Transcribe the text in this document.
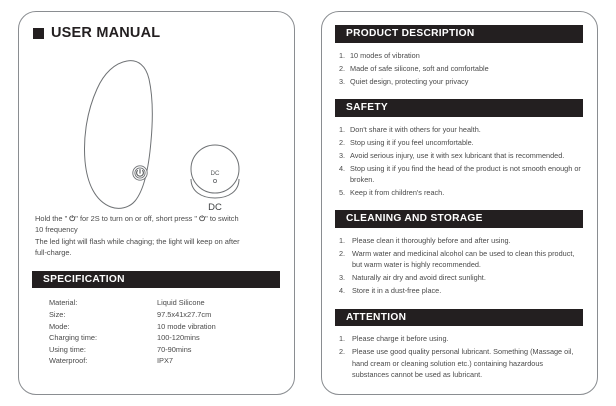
USER MANUAL
DC
DC

Hold the " ⏻" for 2S to turn on or off, short press " ⏻" to switch

10 frequency

The led light will flash while chaging; the light will keep on after

full-charge.

SPECIFICATION
Material:	Liquid Silicone
Size:	97.5x41x27.7cm
Mode:	10 mode vibration
Charging time:	100-120mins
Using time:	70-90mins
Waterproof:	IPX7
PRODUCT DESCRIPTION
1. 10 modes of vibration
2. Made of safe silicone, soft and comfortable
3. Quiet design, protecting your privacy
SAFETY
1. Don't share it with others for your health.
2. Stop using it if you feel uncomfortable.
3. Avoid serious injury, use it with sex lubricant that is recommended.
4. Stop using it if you find the head of the product is not smooth enough or broken.
5. Keep it from children's reach.
CLEANING AND STORAGE
1. Please clean it thoroughly before and after using.
2. Warm water and medicinal alcohol can be used to clean this product, but warm water is highly recommended.
3. Naturally air dry and avoid direct sunlight.
4. Store it in a dust-free place.
ATTENTION
1. Please charge it before using.
2. Please use good quality personal lubricant. Something (Massage oil, hand cream or cleaning solution etc.) containing hazardous substances cannot be used as lubricant.
